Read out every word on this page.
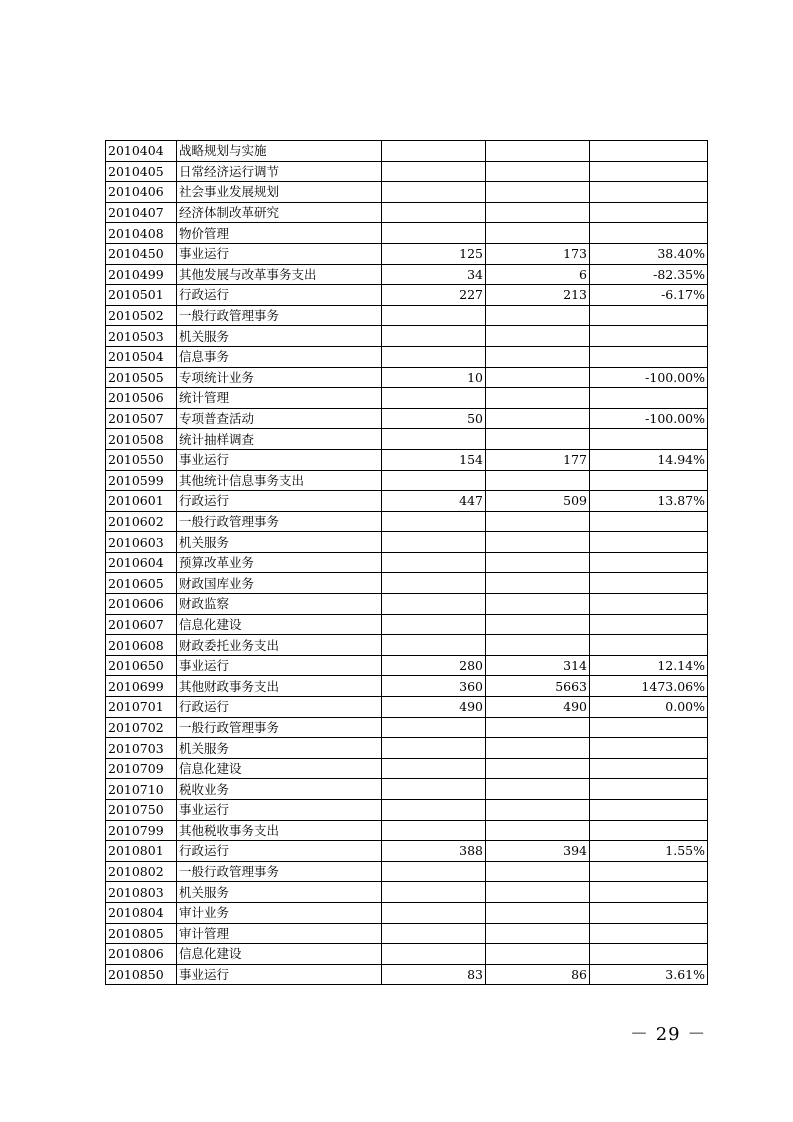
2010404	战略规划与实施			
2010405	日常经济运行调节			
2010406	社会事业发展规划			
2010407	经济体制改革研究			
2010408	物价管理			
2010450	事业运行	125	173	38.40%
2010499	其他发展与改革事务支出	34	6	-82.35%
2010501	行政运行	227	213	-6.17%
2010502	一般行政管理事务			
2010503	机关服务			
2010504	信息事务			
2010505	专项统计业务	10		-100.00%
2010506	统计管理			
2010507	专项普查活动	50		-100.00%
2010508	统计抽样调查			
2010550	事业运行	154	177	14.94%
2010599	其他统计信息事务支出			
2010601	行政运行	447	509	13.87%
2010602	一般行政管理事务			
2010603	机关服务			
2010604	预算改革业务			
2010605	财政国库业务			
2010606	财政监察			
2010607	信息化建设			
2010608	财政委托业务支出			
2010650	事业运行	280	314	12.14%
2010699	其他财政事务支出	360	5663	1473.06%
2010701	行政运行	490	490	0.00%
2010702	一般行政管理事务			
2010703	机关服务			
2010709	信息化建设			
2010710	税收业务			
2010750	事业运行			
2010799	其他税收事务支出			
2010801	行政运行	388	394	1.55%
2010802	一般行政管理事务			
2010803	机关服务			
2010804	审计业务			
2010805	审计管理			
2010806	信息化建设			
2010850	事业运行	83	86	3.61%
－ 29 －
